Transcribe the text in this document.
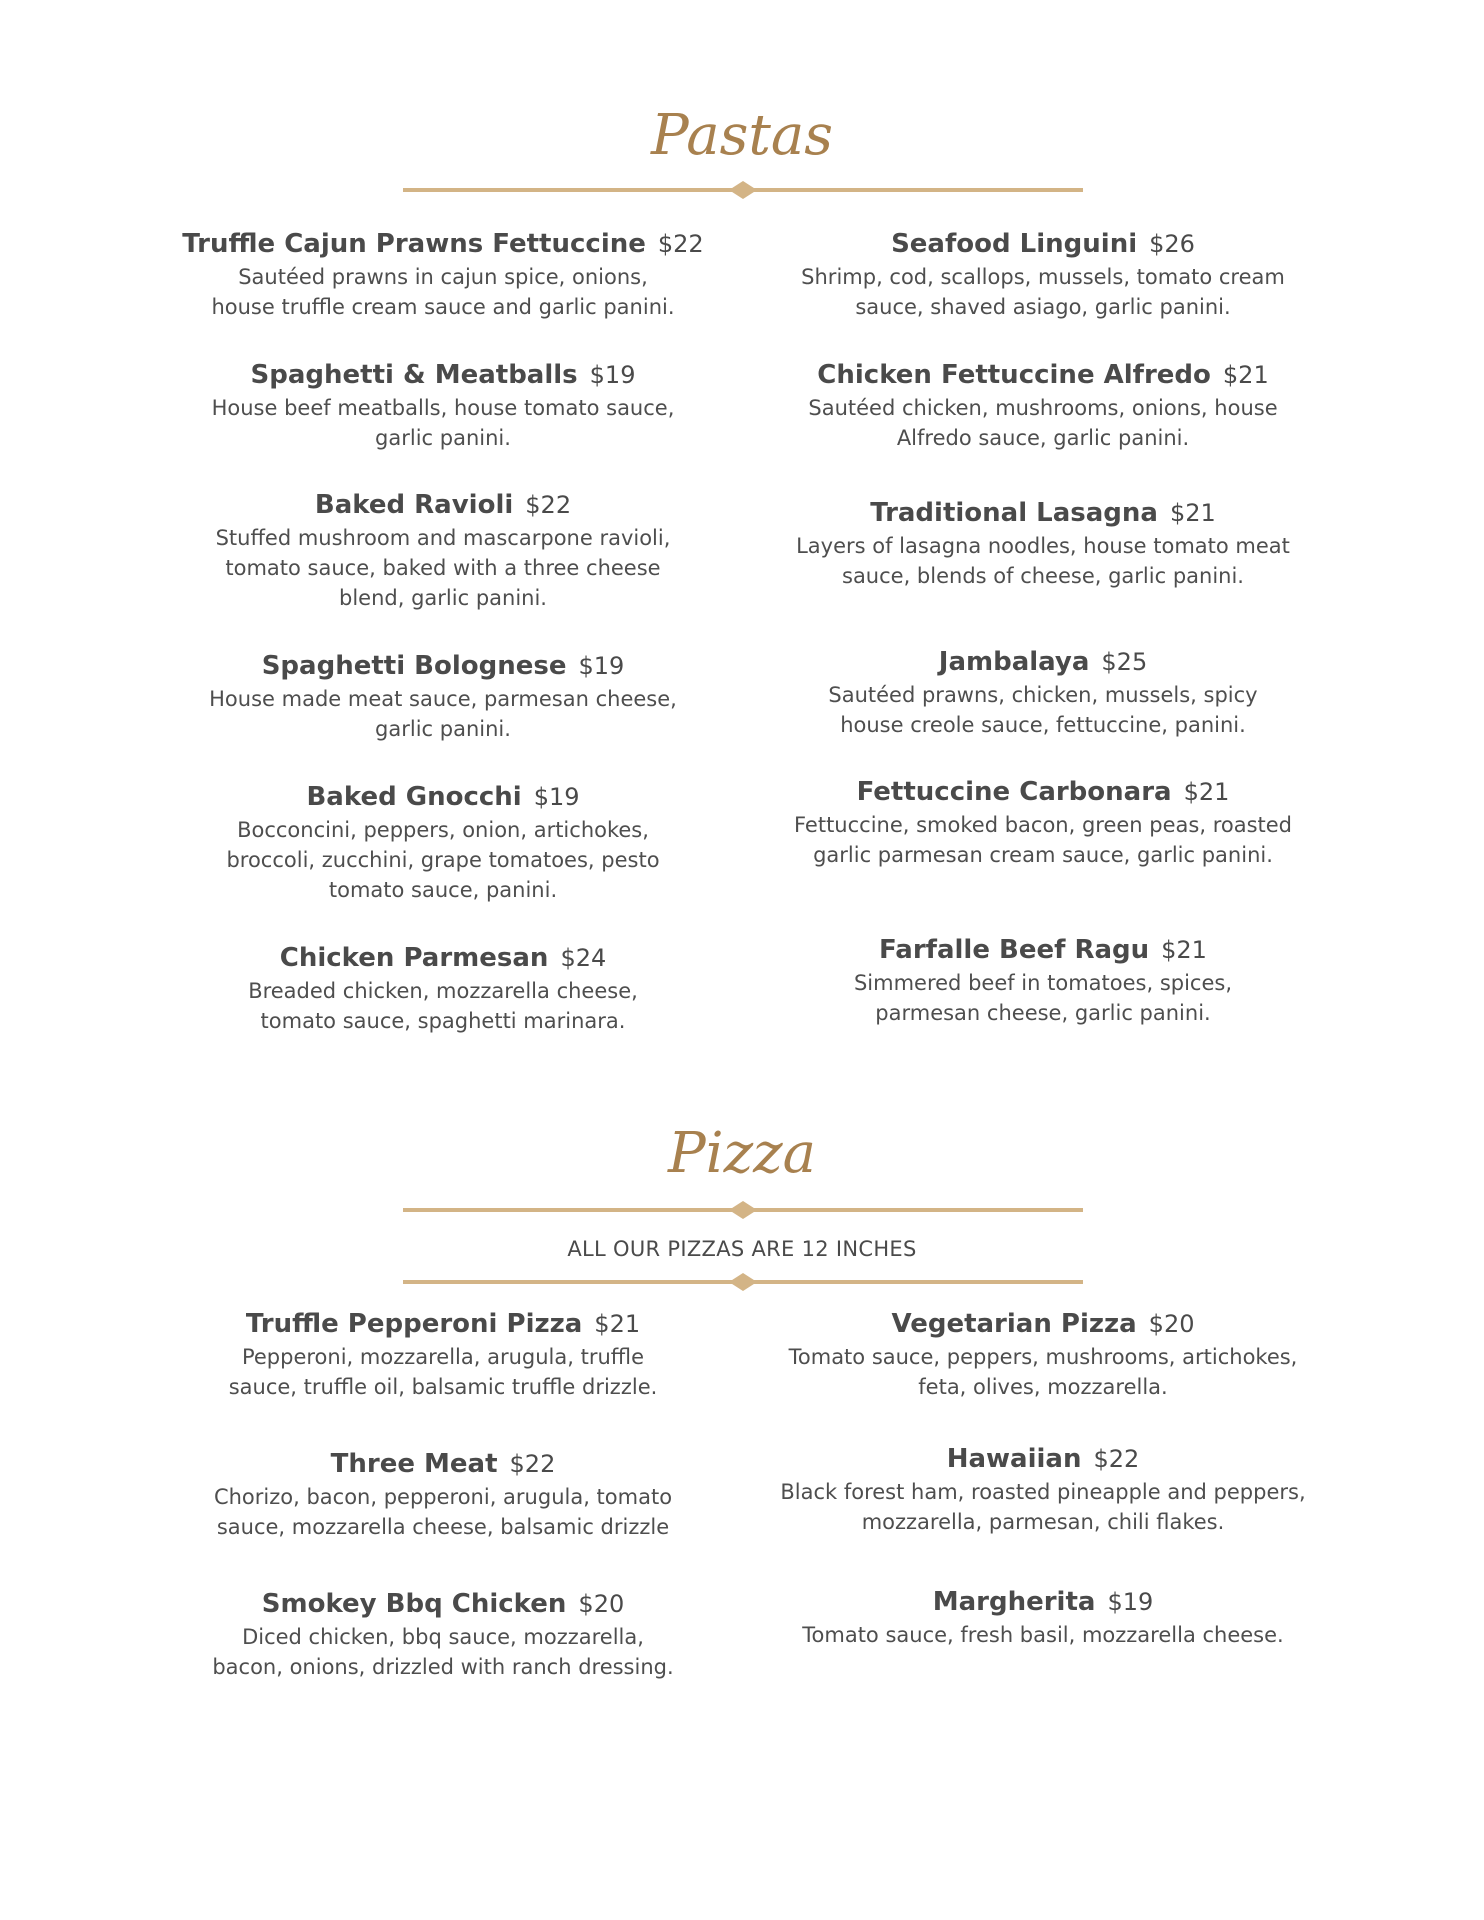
Pastas
Truffle Cajun Prawns Fettuccine $22
Sautéed prawns in cajun spice, onions, house truffle cream sauce and garlic panini.
Spaghetti & Meatballs $19
House beef meatballs, house tomato sauce, garlic panini.
Baked Ravioli $22
Stuffed mushroom and mascarpone ravioli, tomato sauce, baked with a three cheese blend, garlic panini.
Spaghetti Bolognese $19
House made meat sauce, parmesan cheese, garlic panini.
Baked Gnocchi $19
Bocconcini, peppers, onion, artichokes, broccoli, zucchini, grape tomatoes, pesto tomato sauce, panini.
Chicken Parmesan $24
Breaded chicken, mozzarella cheese, tomato sauce, spaghetti marinara.
Seafood Linguini $26
Shrimp, cod, scallops, mussels, tomato cream sauce, shaved asiago, garlic panini.
Chicken Fettuccine Alfredo $21
Sautéed chicken, mushrooms, onions, house Alfredo sauce, garlic panini.
Traditional Lasagna $21
Layers of lasagna noodles, house tomato meat sauce, blends of cheese, garlic panini.
Jambalaya $25
Sautéed prawns, chicken, mussels, spicy house creole sauce, fettuccine, panini.
Fettuccine Carbonara $21
Fettuccine, smoked bacon, green peas, roasted garlic parmesan cream sauce, garlic panini.
Farfalle Beef Ragu $21
Simmered beef in tomatoes, spices, parmesan cheese, garlic panini.
Pizza
ALL OUR PIZZAS ARE 12 INCHES
Truffle Pepperoni Pizza $21
Pepperoni, mozzarella, arugula, truffle sauce, truffle oil, balsamic truffle drizzle.
Three Meat $22
Chorizo, bacon, pepperoni, arugula, tomato sauce, mozzarella cheese, balsamic drizzle
Smokey Bbq Chicken $20
Diced chicken, bbq sauce, mozzarella, bacon, onions, drizzled with ranch dressing.
Vegetarian Pizza $20
Tomato sauce, peppers, mushrooms, artichokes, feta, olives, mozzarella.
Hawaiian $22
Black forest ham, roasted pineapple and peppers, mozzarella, parmesan, chili flakes.
Margherita $19
Tomato sauce, fresh basil, mozzarella cheese.
